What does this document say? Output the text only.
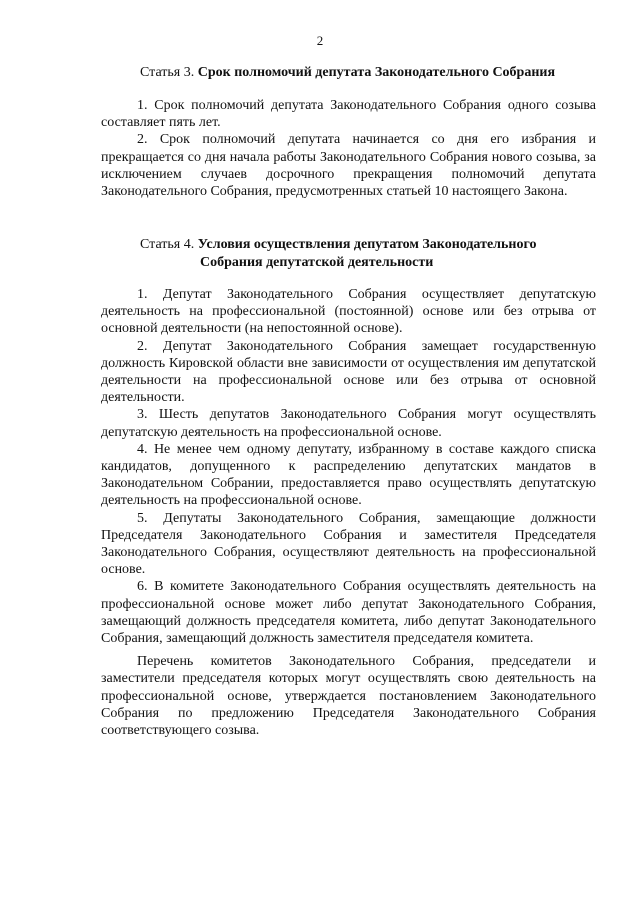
2
Статья 3. Срок полномочий депутата Законодательного Собрания

1. Срок полномочий депутата Законодательного Собрания одного созыва составляет пять лет.

2. Срок полномочий депутата начинается со дня его избрания и прекращается со дня начала работы Законодательного Собрания нового созыва, за исключением случаев досрочного прекращения полномочий депутата Законодательного Собрания, предусмотренных статьей 10 настоящего Закона.

Статья 4. Условия осуществления депутатом Законодательного
Собрания депутатской деятельности

1. Депутат Законодательного Собрания осуществляет депутатскую деятельность на профессиональной (постоянной) основе или без отрыва от основной деятельности (на непостоянной основе).

2. Депутат Законодательного Собрания замещает государственную должность Кировской области вне зависимости от осуществления им депутатской деятельности на профессиональной основе или без отрыва от основной деятельности.

3. Шесть депутатов Законодательного Собрания могут осуществлять депутатскую деятельность на профессиональной основе.

4. Не менее чем одному депутату, избранному в составе каждого списка кандидатов, допущенного к распределению депутатских мандатов в Законодательном Собрании, предоставляется право осуществлять депутатскую деятельность на профессиональной основе.

5. Депутаты Законодательного Собрания, замещающие должности Председателя Законодательного Собрания и заместителя Председателя Законодательного Собрания, осуществляют деятельность на профессиональной основе.

6. В комитете Законодательного Собрания осуществлять деятельность на профессиональной основе может либо депутат Законодательного Собрания, замещающий должность председателя комитета, либо депутат Законодательного Собрания, замещающий должность заместителя председателя комитета.

Перечень комитетов Законодательного Собрания, председатели и заместители председателя которых могут осуществлять свою деятельность на профессиональной основе, утверждается постановлением Законодательного Собрания по предложению Председателя Законодательного Собрания соответствующего созыва.
